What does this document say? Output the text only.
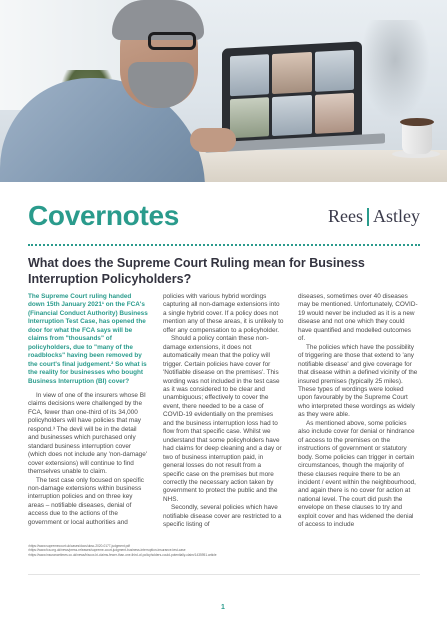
Covernotes	Rees Astley
What does the Supreme Court Ruling mean for Business Interruption Policyholders?

The Supreme Court ruling handed down 15th January 2021¹ on the FCA's (Financial Conduct Authority) Business Interruption Test Case, has opened the door for what the FCA says will be claims from "thousands" of policyholders, due to "many of the roadblocks" having been removed by the court's final judgement.² So what is the reality for businesses who bought Business Interruption (BI) cover?

In view of one of the insurers whose BI claims decisions were challenged by the FCA, fewer than one-third of its 34,000 policyholders will have policies that may respond.³ The devil will be in the detail and businesses which purchased only standard business interruption cover (which does not include any 'non-damage' cover extensions) will continue to find themselves unable to claim.

The test case only focused on specific non-damage extensions within business interruption policies and on three key areas – notifiable diseases, denial of access due to the actions of the government or local authorities and

policies with various hybrid wordings capturing all non-damage extensions into a single hybrid cover. If a policy does not mention any of these areas, it is unlikely to offer any compensation to a policyholder.

Should a policy contain these non-damage extensions, it does not automatically mean that the policy will trigger. Certain policies have cover for 'Notifiable disease on the premises'. This wording was not included in the test case as it was considered to be clear and unambiguous; effectively to cover the event, there needed to be a case of COVID-19 evidentially on the premises and the business interruption loss had to flow from that specific case. Whilst we understand that some policyholders have had claims for deep cleaning and a day or two of business interruption paid, in general losses do not result from a specific case on the premises but more correctly the necessary action taken by government to protect the public and the NHS.

Secondly, several policies which have notifiable disease cover are restricted to a specific listing of

diseases, sometimes over 40 diseases may be mentioned. Unfortunately, COVID-19 would never be included as it is a new disease and not one which they could have quantified and modelled outcomes of.

The policies which have the possibility of triggering are those that extend to 'any notifiable disease' and give coverage for that disease within a defined vicinity of the insured premises (typically 25 miles). These types of wordings were looked upon favourably by the Supreme Court who interpreted these wordings as widely as they were able.

As mentioned above, some policies also include cover for denial or hindrance of access to the premises on the instructions of government or statutory body. Some policies can trigger in certain circumstances, though the majority of these clauses require there to be an incident / event within the neighbourhood, and again there is no cover for action at national level. The court did push the envelope on these clauses to try and exploit cover and has widened the denial of access to include

¹https://www.supremecourt.uk/cases/docs/uksc-2020-0177-judgment.pdf
²https://www.fca.org.uk/news/press-releases/supreme-court-judgment-business-interruption-insurance-test-case
³https://www.insurancetimes.co.uk/news/hiscox-bi-claims-fewer-than-one-third-of-policyholders-could-potentially-claim/1435951.article
1
